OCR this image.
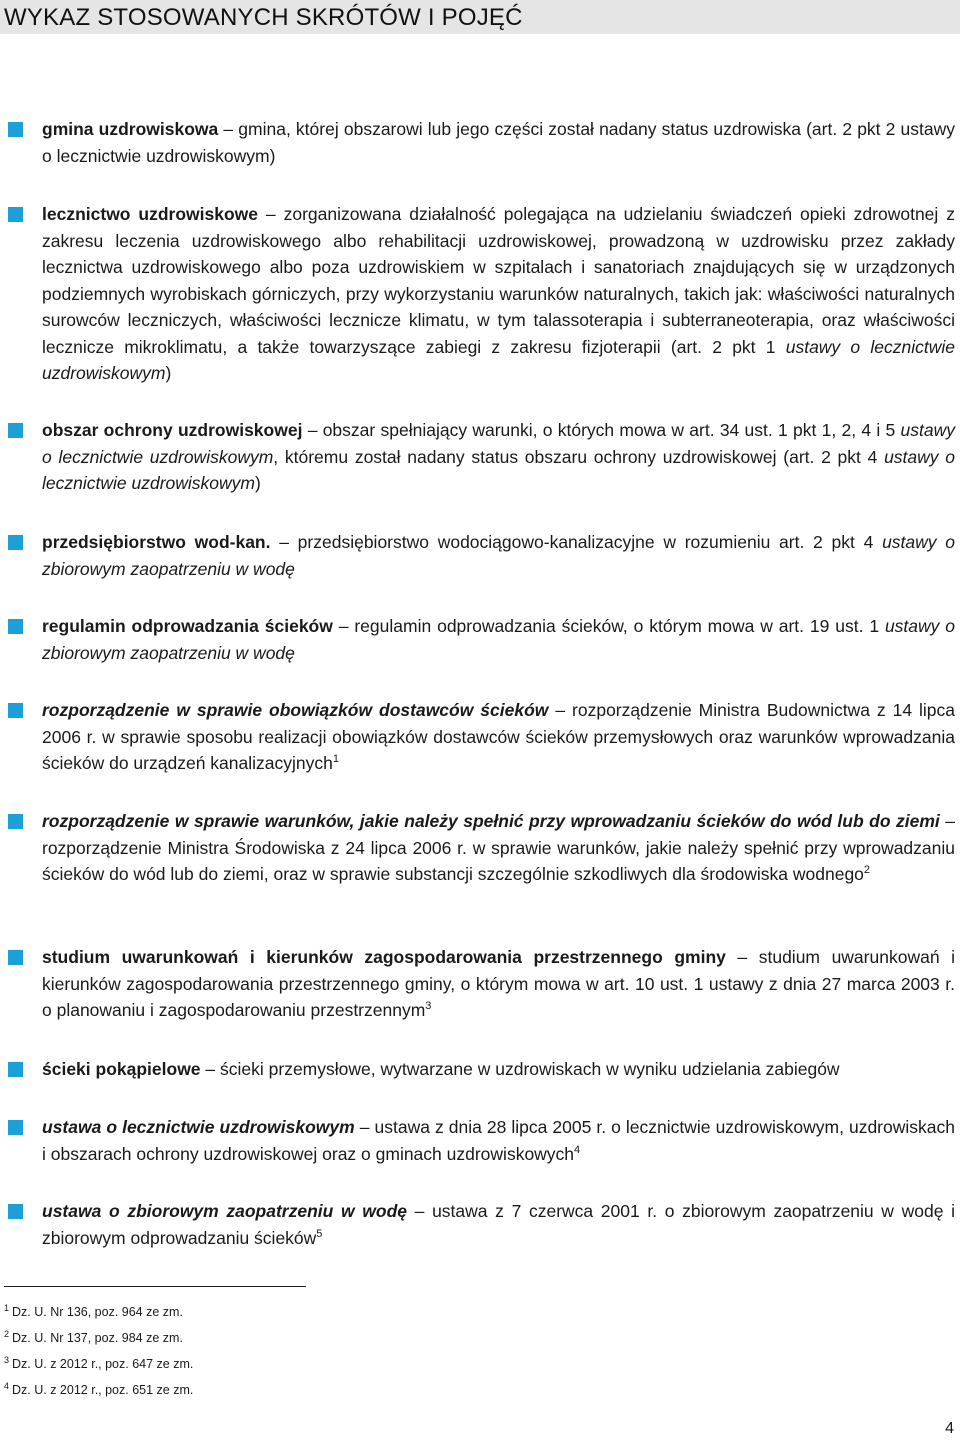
WYKAZ STOSOWANYCH SKRÓTÓW I POJĘĆ
gmina uzdrowiskowa – gmina, której obszarowi lub jego części został nadany status uzdrowiska (art. 2 pkt 2 ustawy o lecznictwie uzdrowiskowym)
lecznictwo uzdrowiskowe – zorganizowana działalność polegająca na udzielaniu świadczeń opieki zdrowotnej z zakresu leczenia uzdrowiskowego albo rehabilitacji uzdrowiskowej, prowadzoną w uzdrowisku przez zakłady lecznictwa uzdrowiskowego albo poza uzdrowiskiem w szpitalach i sanatoriach znajdujących się w urządzonych podziemnych wyrobiskach górniczych, przy wykorzystaniu warunków naturalnych, takich jak: właściwości naturalnych surowców leczniczych, właściwości lecznicze klimatu, w tym talassoterapia i subterraneoterapia, oraz właściwości lecznicze mikroklimatu, a także towarzyszące zabiegi z zakresu fizjoterapii (art. 2 pkt 1 ustawy o lecznictwie uzdrowiskowym)
obszar ochrony uzdrowiskowej – obszar spełniający warunki, o których mowa w art. 34 ust. 1 pkt 1, 2, 4 i 5 ustawy o lecznictwie uzdrowiskowym, któremu został nadany status obszaru ochrony uzdrowiskowej (art. 2 pkt 4 ustawy o lecznictwie uzdrowiskowym)
przedsiębiorstwo wod-kan. – przedsiębiorstwo wodociągowo-kanalizacyjne w rozumieniu art. 2 pkt 4 ustawy o zbiorowym zaopatrzeniu w wodę
regulamin odprowadzania ścieków – regulamin odprowadzania ścieków, o którym mowa w art. 19 ust. 1 ustawy o zbiorowym zaopatrzeniu w wodę
rozporządzenie w sprawie obowiązków dostawców ścieków – rozporządzenie Ministra Budownictwa z 14 lipca 2006 r. w sprawie sposobu realizacji obowiązków dostawców ścieków przemysłowych oraz warunków wprowadzania ścieków do urządzeń kanalizacyjnych$^1$
rozporządzenie w sprawie warunków, jakie należy spełnić przy wprowadzaniu ścieków do wód lub do ziemi – rozporządzenie Ministra Środowiska z 24 lipca 2006 r. w sprawie warunków, jakie należy spełnić przy wprowadzaniu ścieków do wód lub do ziemi, oraz w sprawie substancji szczególnie szkodliwych dla środowiska wodnego$^2$
studium uwarunkowań i kierunków zagospodarowania przestrzennego gminy – studium uwarunkowań i kierunków zagospodarowania przestrzennego gminy, o którym mowa w art. 10 ust. 1 ustawy z dnia 27 marca 2003 r. o planowaniu i zagospodarowaniu przestrzennym$^3$
ścieki pokąpielowe – ścieki przemysłowe, wytwarzane w uzdrowiskach w wyniku udzielania zabiegów
ustawa o lecznictwie uzdrowiskowym – ustawa z dnia 28 lipca 2005 r. o lecznictwie uzdrowiskowym, uzdrowiskach i obszarach ochrony uzdrowiskowej oraz o gminach uzdrowiskowych$^4$
ustawa o zbiorowym zaopatrzeniu w wodę – ustawa z 7 czerwca 2001 r. o zbiorowym zaopatrzeniu w wodę i zbiorowym odprowadzaniu ścieków$^5$
$^1$ Dz. U. Nr 136, poz. 964 ze zm.
$^2$ Dz. U. Nr 137, poz. 984 ze zm.
$^3$ Dz. U. z 2012 r., poz. 647 ze zm.
$^4$ Dz. U. z 2012 r., poz. 651 ze zm.
4
